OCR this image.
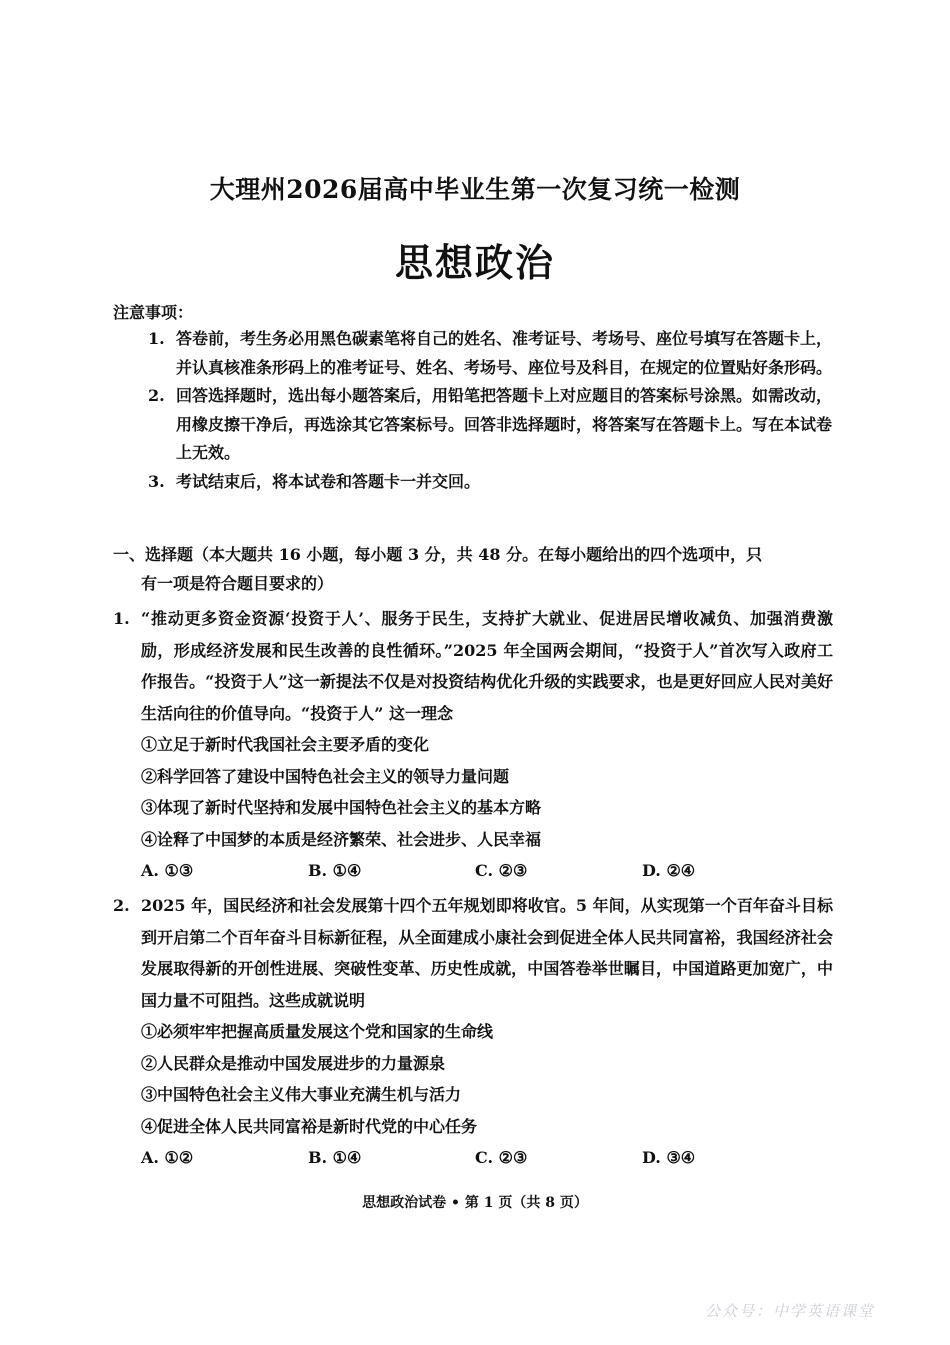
大理州2026届高中毕业生第一次复习统一检测
思想政治
注意事项：
1. 答卷前，考生务必用黑色碳素笔将自己的姓名、准考证号、考场号、座位号填写在答题卡上，并认真核准条形码上的准考证号、姓名、考场号、座位号及科目，在规定的位置贴好条形码。
2. 回答选择题时，选出每小题答案后，用铅笔把答题卡上对应题目的答案标号涂黑。如需改动，用橡皮擦干净后，再选涂其它答案标号。回答非选择题时，将答案写在答题卡上。写在本试卷上无效。
3. 考试结束后，将本试卷和答题卡一并交回。
一、选择题（本大题共 16 小题，每小题 3 分，共 48 分。在每小题给出的四个选项中，只
有一项是符合题目要求的）
1. “推动更多资金资源‘投资于人’、服务于民生，支持扩大就业、促进居民增收减负、加强消费激励，形成经济发展和民生改善的良性循环。”2025 年全国两会期间，“投资于人”首次写入政府工作报告。“投资于人”这一新提法不仅是对投资结构优化升级的实践要求，也是更好回应人民对美好生活向往的价值导向。“投资于人” 这一理念
①立足于新时代我国社会主要矛盾的变化
②科学回答了建设中国特色社会主义的领导力量问题
③体现了新时代坚持和发展中国特色社会主义的基本方略
④诠释了中国梦的本质是经济繁荣、社会进步、人民幸福
A. ①③	B. ①④	C. ②③	D. ②④
2. 2025 年，国民经济和社会发展第十四个五年规划即将收官。5 年间，从实现第一个百年奋斗目标到开启第二个百年奋斗目标新征程，从全面建成小康社会到促进全体人民共同富裕，我国经济社会发展取得新的开创性进展、突破性变革、历史性成就，中国答卷举世瞩目，中国道路更加宽广，中国力量不可阻挡。这些成就说明
①必须牢牢把握高质量发展这个党和国家的生命线
②人民群众是推动中国发展进步的力量源泉
③中国特色社会主义伟大事业充满生机与活力
④促进全体人民共同富裕是新时代党的中心任务
A. ①②	B. ①④	C. ②③	D. ③④
思想政治试卷 • 第 1 页（共 8 页）
公众号：中学英语课堂
